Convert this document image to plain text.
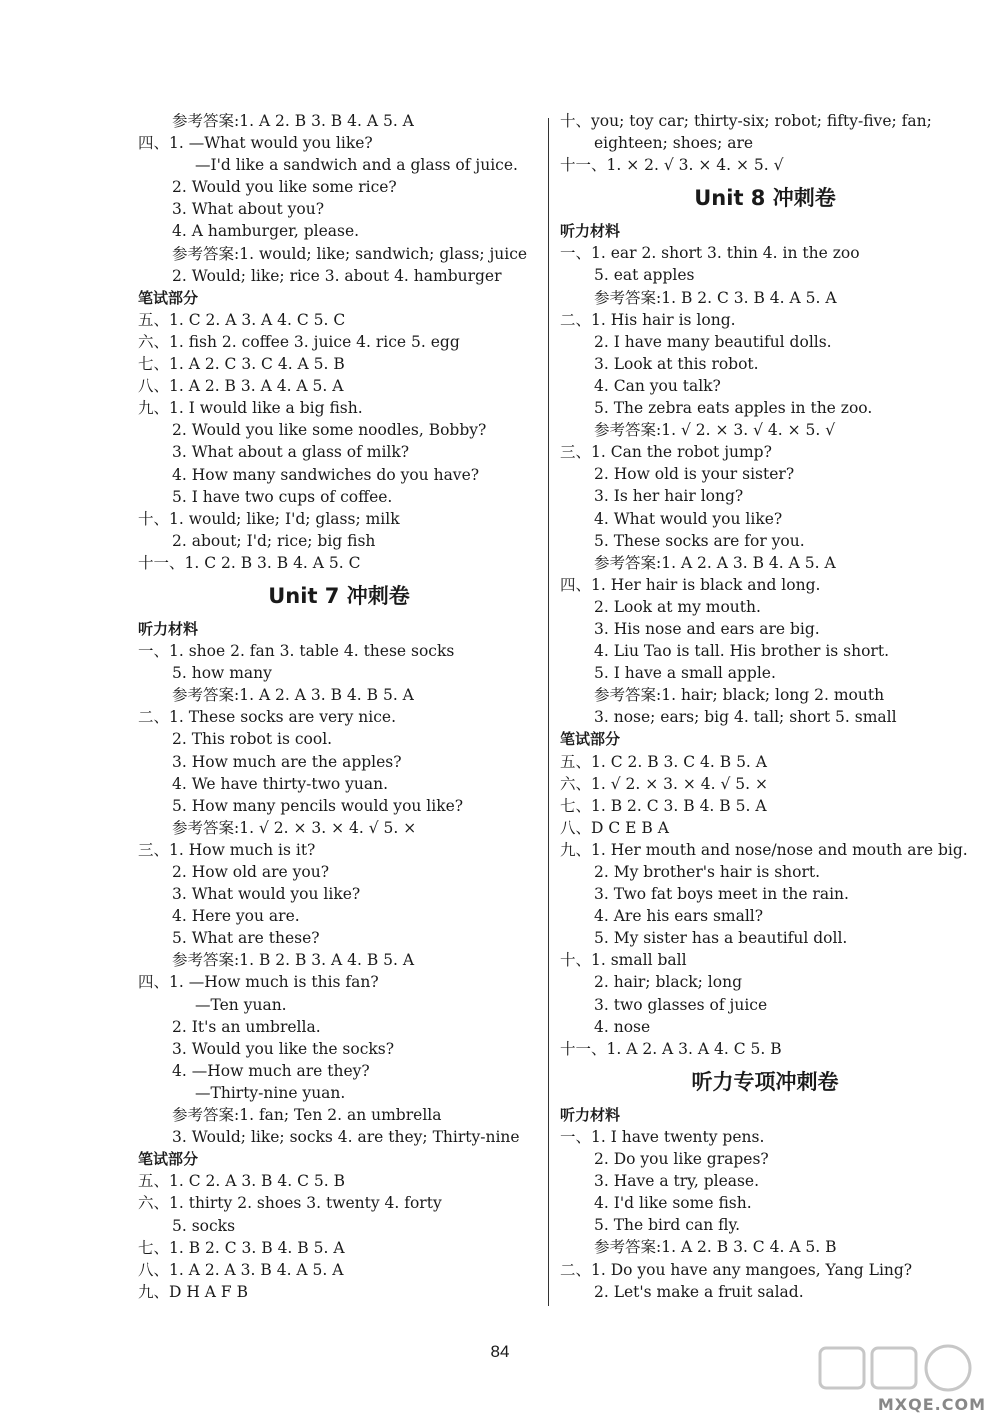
参考答案:1. A 2. B 3. B 4. A 5. A
四、1. —What would you like?
—I'd like a sandwich and a glass of juice.
2. Would you like some rice?
3. What about you?
4. A hamburger, please.
参考答案:1. would; like; sandwich; glass; juice
2. Would; like; rice 3. about 4. hamburger
笔试部分
五、1. C 2. A 3. A 4. C 5. C
六、1. fish 2. coffee 3. juice 4. rice 5. egg
七、1. A 2. C 3. C 4. A 5. B
八、1. A 2. B 3. A 4. A 5. A
九、1. I would like a big fish.
2. Would you like some noodles, Bobby?
3. What about a glass of milk?
4. How many sandwiches do you have?
5. I have two cups of coffee.
十、1. would; like; I'd; glass; milk
2. about; I'd; rice; big fish
十一、1. C 2. B 3. B 4. A 5. C
Unit 7 冲刺卷
听力材料
一、1. shoe 2. fan 3. table 4. these socks
5. how many
参考答案:1. A 2. A 3. B 4. B 5. A
二、1. These socks are very nice.
2. This robot is cool.
3. How much are the apples?
4. We have thirty-two yuan.
5. How many pencils would you like?
参考答案:1. √ 2. × 3. × 4. √ 5. ×
三、1. How much is it?
2. How old are you?
3. What would you like?
4. Here you are.
5. What are these?
参考答案:1. B 2. B 3. A 4. B 5. A
四、1. —How much is this fan?
—Ten yuan.
2. It's an umbrella.
3. Would you like the socks?
4. —How much are they?
—Thirty-nine yuan.
参考答案:1. fan; Ten 2. an umbrella
3. Would; like; socks 4. are they; Thirty-nine
笔试部分
五、1. C 2. A 3. B 4. C 5. B
六、1. thirty 2. shoes 3. twenty 4. forty
5. socks
七、1. B 2. C 3. B 4. B 5. A
八、1. A 2. A 3. B 4. A 5. A
九、D H A F B
十、you; toy car; thirty-six; robot; fifty-five; fan;
eighteen; shoes; are
十一、1. × 2. √ 3. × 4. × 5. √
Unit 8 冲刺卷
听力材料
一、1. ear 2. short 3. thin 4. in the zoo
5. eat apples
参考答案:1. B 2. C 3. B 4. A 5. A
二、1. His hair is long.
2. I have many beautiful dolls.
3. Look at this robot.
4. Can you talk?
5. The zebra eats apples in the zoo.
参考答案:1. √ 2. × 3. √ 4. × 5. √
三、1. Can the robot jump?
2. How old is your sister?
3. Is her hair long?
4. What would you like?
5. These socks are for you.
参考答案:1. A 2. A 3. B 4. A 5. A
四、1. Her hair is black and long.
2. Look at my mouth.
3. His nose and ears are big.
4. Liu Tao is tall. His brother is short.
5. I have a small apple.
参考答案:1. hair; black; long 2. mouth
3. nose; ears; big 4. tall; short 5. small
笔试部分
五、1. C 2. B 3. C 4. B 5. A
六、1. √ 2. × 3. × 4. √ 5. ×
七、1. B 2. C 3. B 4. B 5. A
八、D C E B A
九、1. Her mouth and nose/nose and mouth are big.
2. My brother's hair is short.
3. Two fat boys meet in the rain.
4. Are his ears small?
5. My sister has a beautiful doll.
十、1. small ball
2. hair; black; long
3. two glasses of juice
4. nose
十一、1. A 2. A 3. A 4. C 5. B
听力专项冲刺卷
听力材料
一、1. I have twenty pens.
2. Do you like grapes?
3. Have a try, please.
4. I'd like some fish.
5. The bird can fly.
参考答案:1. A 2. B 3. C 4. A 5. B
二、1. Do you have any mangoes, Yang Ling?
2. Let's make a fruit salad.
84
MXQE.COM
